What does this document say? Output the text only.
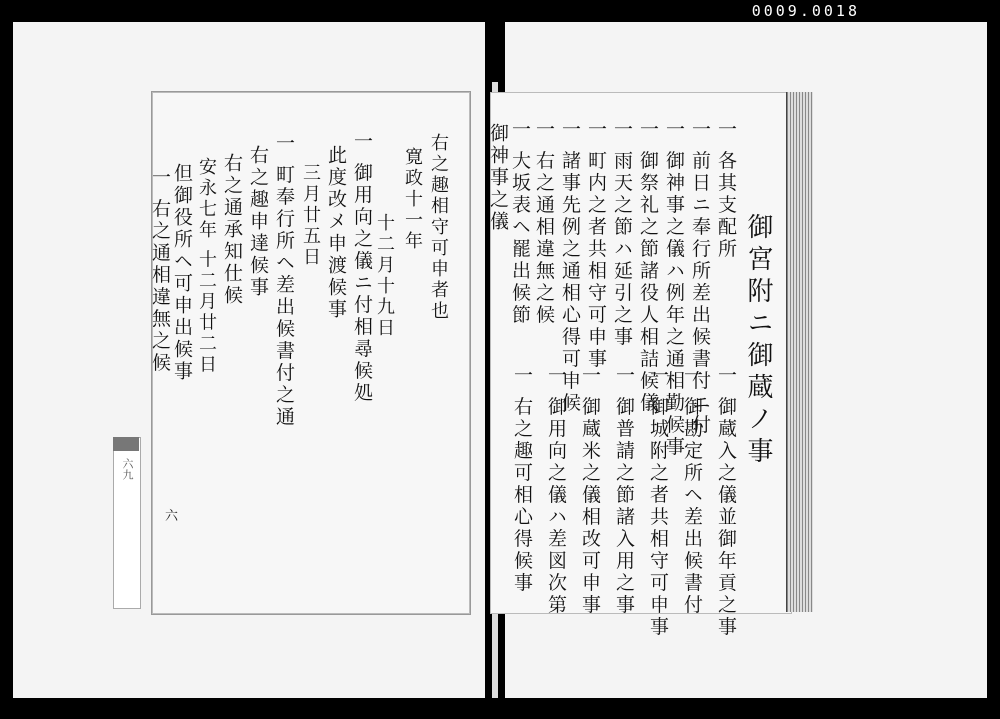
0009.0018
右之趣相守可申者也
寛政十一年
十二月十九日
一 御用向之儀ニ付相尋候処
此度改メ申渡候事
三月廿五日
一 町奉行所ヘ差出候書付之通
右之趣申達候事
右之通承知仕候
安永七年 十二月廿二日
但御役所ヘ可申出候事
一 右之通相違無之候	御宮附ニ御蔵ノ事
一 各其支配所
一 前日ニ奉行所差出候書付ニ付
一 御神事之儀ハ例年之通相勤候事
一 御祭礼之節諸役人相詰候儀
一 雨天之節ハ延引之事
一 町内之者共相守可申事
一 諸事先例之通相心得可申候
一 右之通相違無之候
一 大坂表ヘ罷出候節
御神事之儀
一 御蔵入之儀並御年貢之事
一 御勘定所ヘ差出候書付
一 御城附之者共相守可申事
一 御普請之節諸入用之事
一 御蔵米之儀相改可申事
一 御用向之儀ハ差図次第
一 右之趣可相心得候事
六九
六
